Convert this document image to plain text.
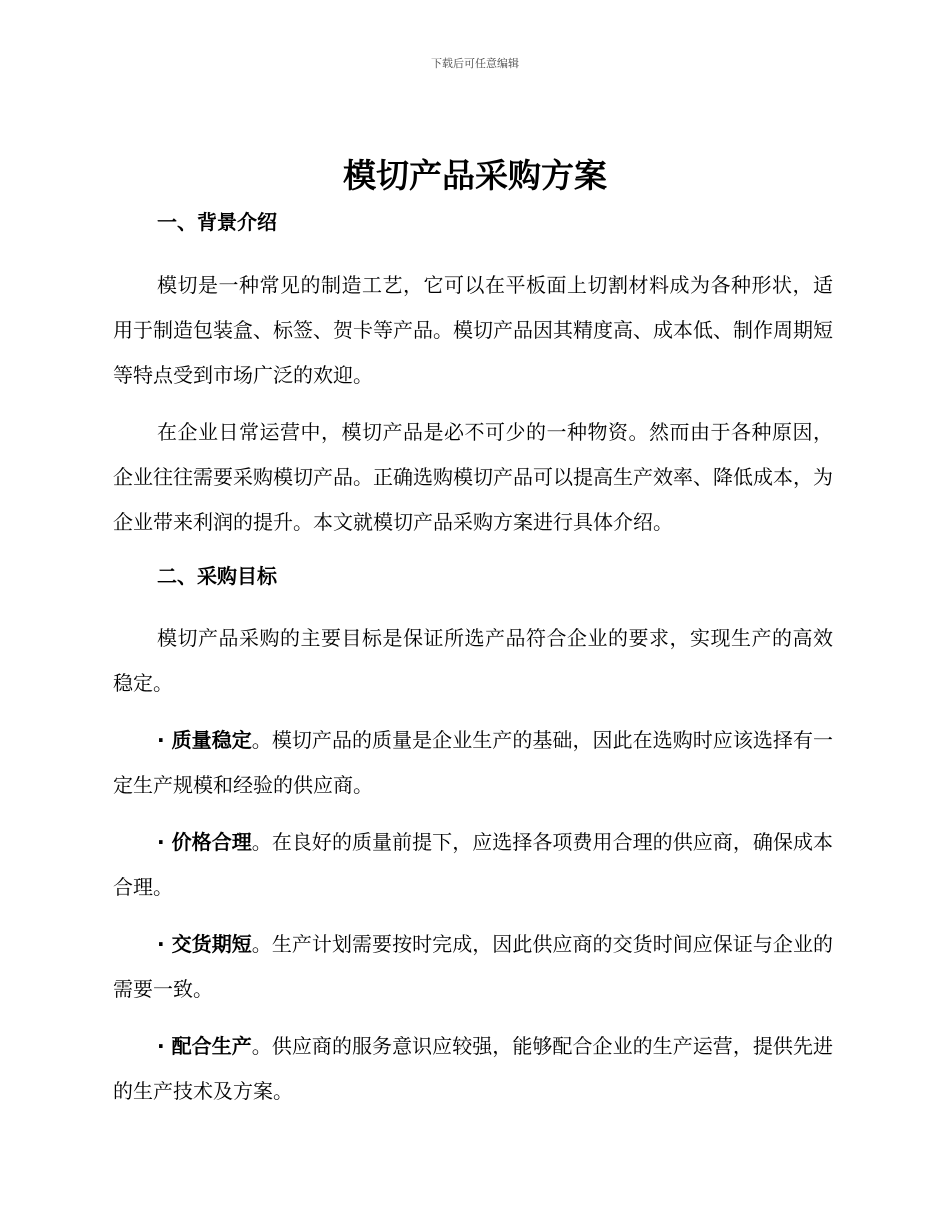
下载后可任意编辑
模切产品采购方案
一、背景介绍
模切是一种常见的制造工艺，它可以在平板面上切割材料成为各种形状，适用于制造包装盒、标签、贺卡等产品。模切产品因其精度高、成本低、制作周期短等特点受到市场广泛的欢迎。
在企业日常运营中，模切产品是必不可少的一种物资。然而由于各种原因，企业往往需要采购模切产品。正确选购模切产品可以提高生产效率、降低成本，为企业带来利润的提升。本文就模切产品采购方案进行具体介绍。
二、采购目标
模切产品采购的主要目标是保证所选产品符合企业的要求，实现生产的高效稳定。
· 质量稳定。模切产品的质量是企业生产的基础，因此在选购时应该选择有一定生产规模和经验的供应商。
· 价格合理。在良好的质量前提下，应选择各项费用合理的供应商，确保成本合理。
· 交货期短。生产计划需要按时完成，因此供应商的交货时间应保证与企业的需要一致。
· 配合生产。供应商的服务意识应较强，能够配合企业的生产运营，提供先进的生产技术及方案。
